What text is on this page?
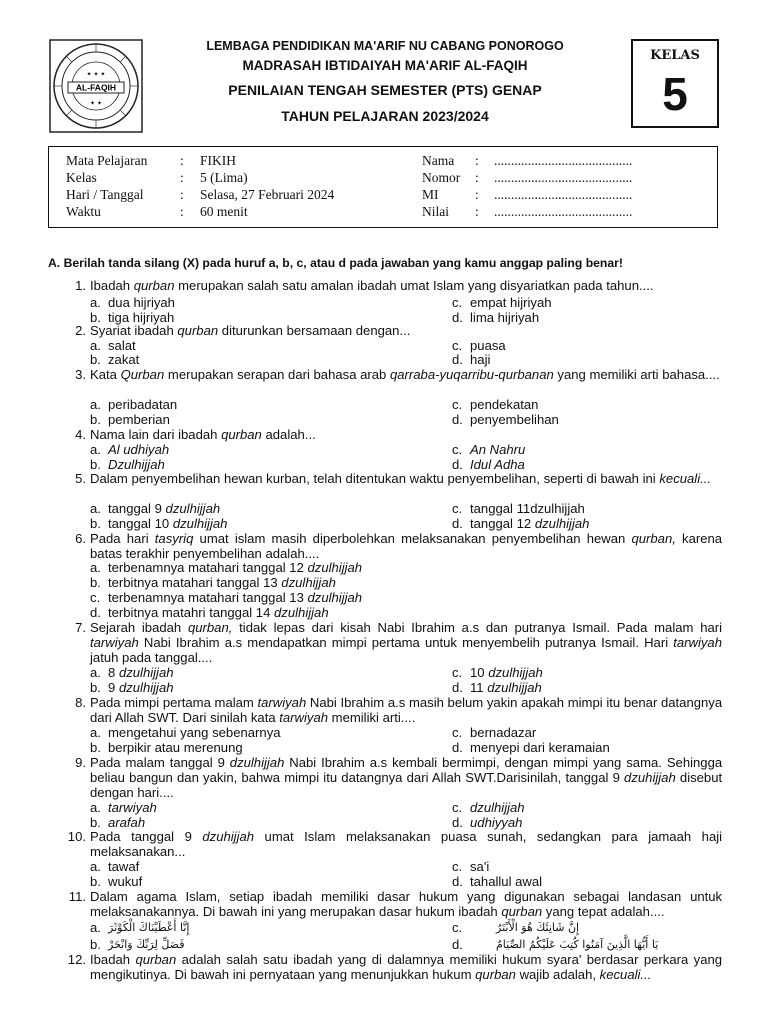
AL-FAQIH
✦ ✦ ✦
✦ ✦
LEMBAGA PENDIDIKAN MA'ARIF NU CABANG PONOROGO
MADRASAH IBTIDAIYAH MA'ARIF AL-FAQIH
PENILAIAN TENGAH SEMESTER (PTS) GENAP
TAHUN PELAJARAN 2023/2024
KELAS
5
Mata Pelajaran : FIKIH
Kelas	: 5 (Lima)
Hari / Tanggal	: Selasa, 27 Februari 2024
Waktu	: 60 menit
Nama : .........................................
Nomor : .........................................
MI	: .........................................
Nilai : .........................................
A. Berilah tanda silang (X) pada huruf a, b, c, atau d pada jawaban yang kamu anggap paling benar!
1. Ibadah qurban merupakan salah satu amalan ibadah umat Islam yang disyariatkan pada tahun....
a. dua hijriyah
b. tiga hijriyah
c. empat hijriyah
d. lima hijriyah
2. Syariat ibadah qurban diturunkan bersamaan dengan...
a. salat
b. zakat
c. puasa
d. haji
3. Kata Qurban merupakan serapan dari bahasa arab qarraba-yuqarribu-qurbanan yang memiliki arti bahasa....
a. peribadatan
b. pemberian
c. pendekatan
d. penyembelihan
4. Nama lain dari ibadah qurban adalah...
a. Al udhiyah
b. Dzulhijjah
c. An Nahru
d. Idul Adha
5. Dalam penyembelihan hewan kurban, telah ditentukan waktu penyembelihan, seperti di bawah ini kecuali...
a. tanggal 9 dzulhijjah
b. tanggal 10 dzulhijjah
c. tanggal 11dzulhijjah
d. tanggal 12 dzulhijjah
6. Pada hari tasyriq umat islam masih diperbolehkan melaksanakan penyembelihan hewan qurban, karena batas terakhir penyembelihan adalah....
a. terbenamnya matahari tanggal 12 dzulhijjah
b. terbitnya matahari tanggal 13 dzulhijjah
c. terbenamnya matahari tanggal 13 dzulhijjah
d. terbitnya matahri tanggal 14 dzulhijjah
7. Sejarah ibadah qurban, tidak lepas dari kisah Nabi Ibrahim a.s dan putranya Ismail. Pada malam hari tarwiyah Nabi Ibrahim a.s mendapatkan mimpi pertama untuk menyembelih putranya Ismail. Hari tarwiyah jatuh pada tanggal....
a. 8 dzulhijjah
b. 9 dzulhijjah
c. 10 dzulhijjah
d. 11 dzulhijjah
8. Pada mimpi pertama malam tarwiyah Nabi Ibrahim a.s masih belum yakin apakah mimpi itu benar datangnya dari Allah SWT. Dari sinilah kata tarwiyah memiliki arti....
a. mengetahui yang sebenarnya
b. berpikir atau merenung
c. bernadazar
d. menyepi dari keramaian
9. Pada malam tanggal 9 dzulhijjah Nabi Ibrahim a.s kembali bermimpi, dengan mimpi yang sama. Sehingga beliau bangun dan yakin, bahwa mimpi itu datangnya dari Allah SWT.Darisinilah, tanggal 9 dzuhijjah disebut dengan hari....
a. tarwiyah
b. arafah
c. dzulhijjah
d. udhiyyah
10. Pada tanggal 9 dzuhijjah umat Islam melaksanakan puasa sunah, sedangkan para jamaah haji melaksanakan...
a. tawaf
b. wukuf
c. sa'i
d. tahallul awal
11. Dalam agama Islam, setiap ibadah memiliki dasar hukum yang digunakan sebagai landasan untuk melaksanakannya. Di bawah ini yang merupakan dasar hukum ibadah qurban yang tepat adalah....
a. إِنَّا أَعْطَيْنَاكَ الْكَوْثَرَ
b. فَصَلِّ لِرَبِّكَ وَانْحَرْ
c.	إِنَّ شَانِئَكَ هُوَ الْأَبْتَرُ
d.	يَا أَيُّهَا الَّذِينَ آمَنُوا كُتِبَ عَلَيْكُمُ الصِّيَامُ
12. Ibadah qurban adalah salah satu ibadah yang di dalamnya memiliki hukum syara' berdasar perkara yang mengikutinya. Di bawah ini pernyataan yang menunjukkan hukum qurban wajib adalah, kecuali...
